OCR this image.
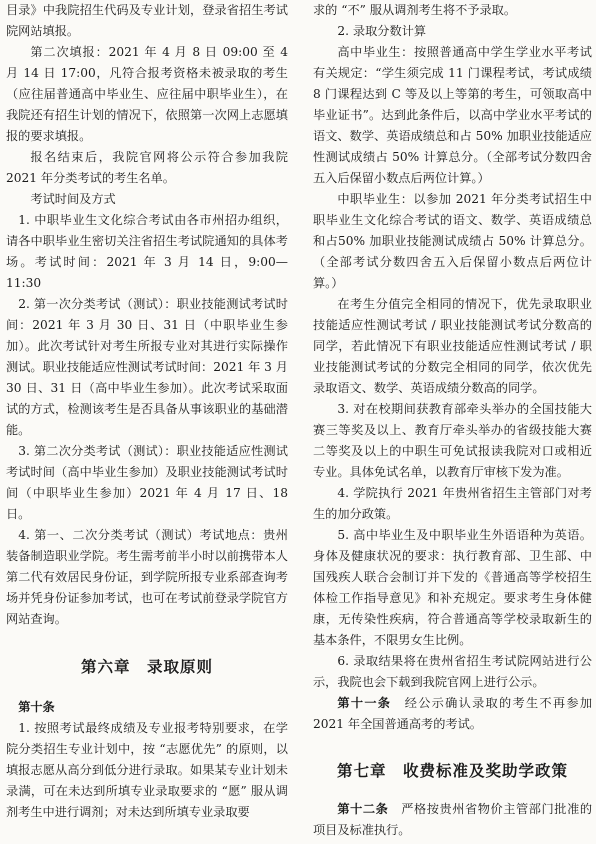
目录》中我院招生代码及专业计划，登录省招生考试院网站填报。

第二次填报：2021 年 4 月 8 日 09:00 至 4 月 14 日 17:00，凡符合报考资格未被录取的考生（应往届普通高中毕业生、应往届中职毕业生），在我院还有招生计划的情况下，依照第一次网上志愿填报的要求填报。

报名结束后，我院官网将公示符合参加我院 2021 年分类考试的考生名单。

考试时间及方式

1. 中职毕业生文化综合考试由各市州招办组织，请各中职毕业生密切关注省招生考试院通知的具体考场。考试时间：2021 年 3 月 14 日，9:00—11:30

2. 第一次分类考试（测试）：职业技能测试考试时间：2021 年 3 月 30 日、31 日（中职毕业生参加）。此次考试针对考生所报专业对其进行实际操作测试。职业技能适应性测试考试时间：2021 年 3 月 30 日、31 日（高中毕业生参加）。此次考试采取面试的方式，检测该考生是否具备从事该职业的基础潜能。

3. 第二次分类考试（测试）：职业技能适应性测试考试时间（高中毕业生参加）及职业技能测试考试时间（中职毕业生参加）2021 年 4 月 17 日、18 日。

4. 第一、二次分类考试（测试）考试地点：贵州装备制造职业学院。考生需考前半小时以前携带本人第二代有效居民身份证，到学院所报专业系部查询考场并凭身份证参加考试，也可在考试前登录学院官方网站查询。

第六章　录取原则

第十条

1. 按照考试最终成绩及专业报考特别要求，在学院分类招生专业计划中，按 “志愿优先” 的原则，以填报志愿从高分到低分进行录取。如果某专业计划未录满，可在未达到所填专业录取要求的 “愿” 服从调剂考生中进行调剂；对未达到所填专业录取要

求的 “不” 服从调剂考生将不予录取。

2. 录取分数计算

高中毕业生：按照普通高中学生学业水平考试有关规定：“学生须完成 11 门课程考试，考试成绩 8 门课程达到 C 等及以上等第的考生，可领取高中毕业证书”。达到此条件后，以高中学业水平考试的语文、数学、英语成绩总和占 50% 加职业技能适应性测试成绩占 50% 计算总分。（全部考试分数四舍五入后保留小数点后两位计算。）

中职毕业生：以参加 2021 年分类考试招生中职毕业生文化综合考试的语文、数学、英语成绩总和占50% 加职业技能测试成绩占 50% 计算总分。（全部考试分数四舍五入后保留小数点后两位计算。）

在考生分值完全相同的情况下，优先录取职业技能适应性测试考试 / 职业技能测试考试分数高的同学，若此情况下有职业技能适应性测试考试 / 职业技能测试考试的分数完全相同的同学，依次优先录取语文、数学、英语成绩分数高的同学。

3. 对在校期间获教育部牵头举办的全国技能大赛三等奖及以上、教育厅牵头举办的省级技能大赛二等奖及以上的中职生可免试报读我院对口或相近专业。具体免试名单，以教育厅审核下发为准。

4. 学院执行 2021 年贵州省招生主管部门对考生的加分政策。

5. 高中毕业生及中职毕业生外语语种为英语。身体及健康状况的要求：执行教育部、卫生部、中国残疾人联合会制订并下发的《普通高等学校招生体检工作指导意见》和补充规定。要求考生身体健康，无传染性疾病，符合普通高等学校录取新生的基本条件，不限男女生比例。

6. 录取结果将在贵州省招生考试院网站进行公示，我院也会下载到我院官网上进行公示。

第十一条　经公示确认录取的考生不再参加 2021 年全国普通高考的考试。

第七章　收费标准及奖助学政策

第十二条　严格按贵州省物价主管部门批准的项目及标准执行。
